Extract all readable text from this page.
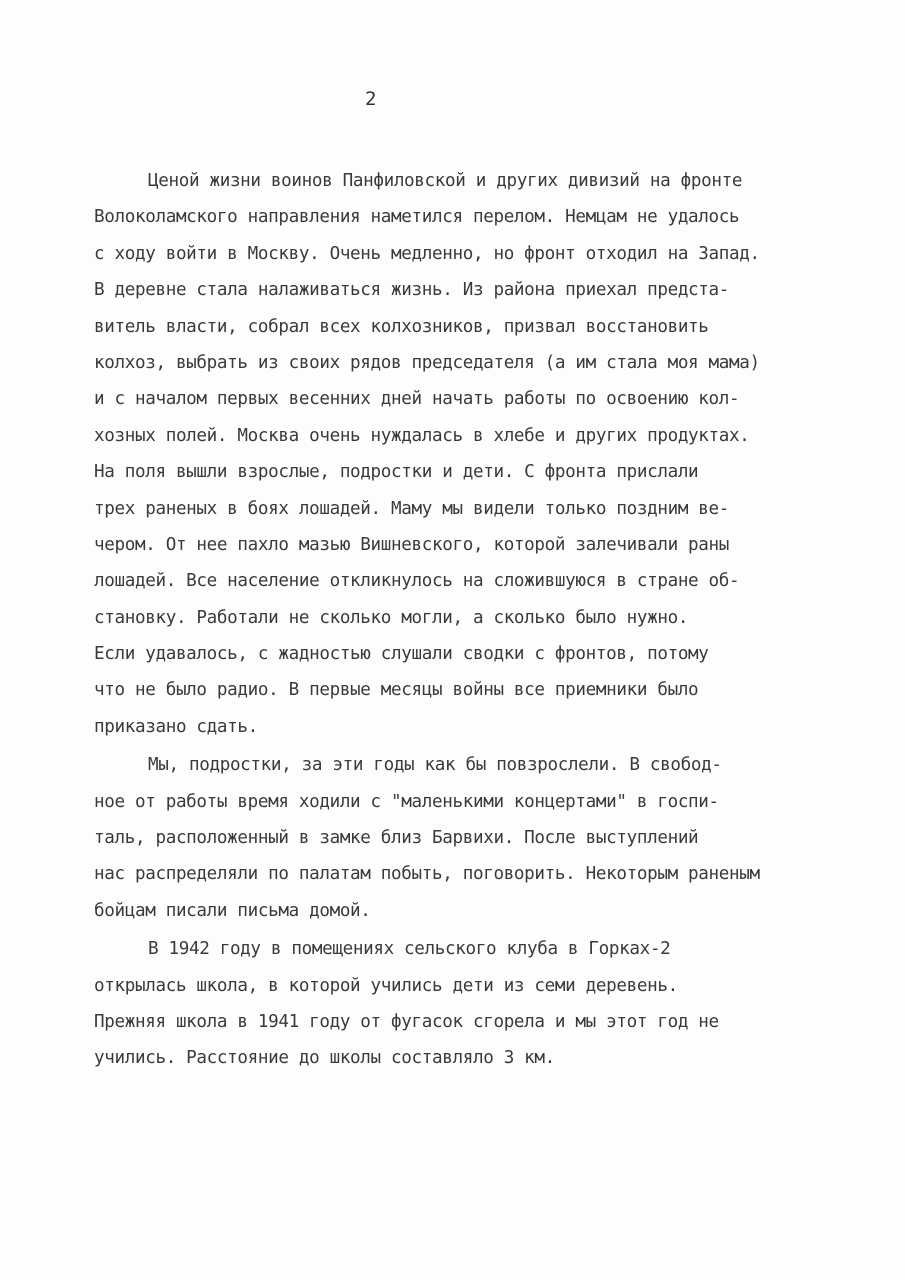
2
Ценой жизни воинов Панфиловской и других дивизий на фронте
Волоколамского направления наметился перелом. Немцам не удалось
с ходу войти в Москву. Очень медленно, но фронт отходил на Запад.
В деревне стала налаживаться жизнь. Из района приехал предста-
витель власти, собрал всех колхозников, призвал восстановить
колхоз, выбрать из своих рядов председателя (а им стала моя мама)
и с началом первых весенних дней начать работы по освоению кол-
хозных полей. Москва очень нуждалась в хлебе и других продуктах.
На поля вышли взрослые, подростки и дети. С фронта прислали
трех раненых в боях лошадей. Маму мы видели только поздним ве-
чером. От нее пахло мазью Вишневского, которой залечивали раны
лошадей. Все население откликнулось на сложившуюся в стране об-
становку. Работали не сколько могли, а сколько было нужно.
Если удавалось, с жадностью слушали сводки с фронтов, потому
что не было радио. В первые месяцы войны все приемники было
приказано сдать.
Мы, подростки, за эти годы как бы повзрослели. В свобод-
ное от работы время ходили с "маленькими концертами" в госпи-
таль, расположенный в замке близ Барвихи. После выступлений
нас распределяли по палатам побыть, поговорить. Некоторым раненым
бойцам писали письма домой.
В 1942 году в помещениях сельского клуба в Горках-2
открылась школа, в которой учились дети из семи деревень.
Прежняя школа в 1941 году от фугасок сгорела и мы этот год не
учились. Расстояние до школы составляло 3 км.
